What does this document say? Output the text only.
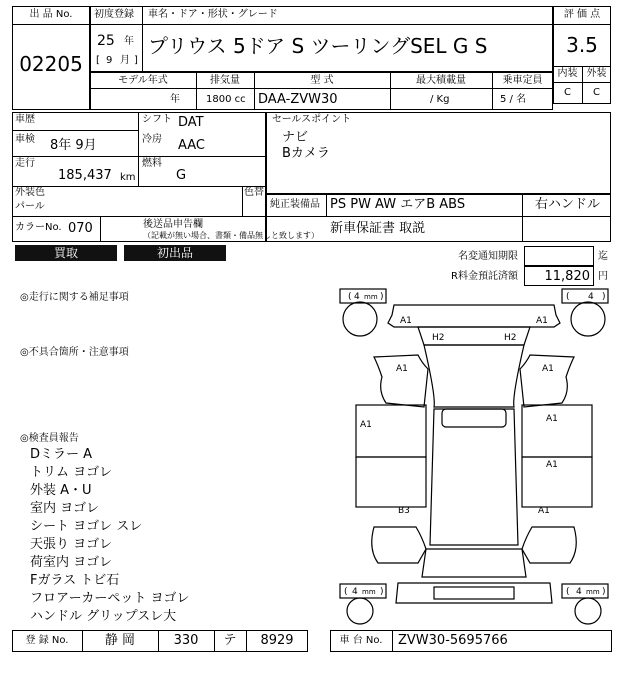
出 品 No.
02205
初度登録 車名・ドア・形状・グレード
25 年
[ 9 月 ]
プリウス 5ドア S ツーリングSEL G S
評 価 点
3.5
内装 外装
C	C
モデル年式	排気量	型 式	最大積載量	乗車定員
年	1800 cc DAA-ZVW30	/ Kg	5 / 名
車歴	シフト DAT
車検 8年 9月	冷房 AAC
走行
185,437 km
燃料
G
外装色
パール
色替
カラーNo. 070	後送品申告欄
（記載が無い場合、書類・備品無しと致します）
セールスポイント
ナビ
Bカメラ
純正装備品 PS PW AW エアB ABS	右ハンドル
新車保証書 取説
買取	初出品	名変通知期限	迄
R料金預託済額	11,820 円
◎走行に関する補足事項
◎不具合箇所・注意事項
◎検査員報告
Dミラー A
トリム ヨゴレ
外装 A・U
室内 ヨゴレ
シート ヨゴレ スレ
天張り ヨゴレ
荷室内 ヨゴレ
Fガラス トビ石
フロアーカーペット ヨゴレ
ハンドル グリップスレ大
( 4 mm )	( 4 )
( 4 mm )	( 4 mm )
A1	A1
H2	H2
A1	A1
A1
A1
A1
B3	A1
登 録 No.	静 岡	330	テ	8929	車 台 No.	ZVW30-5695766
